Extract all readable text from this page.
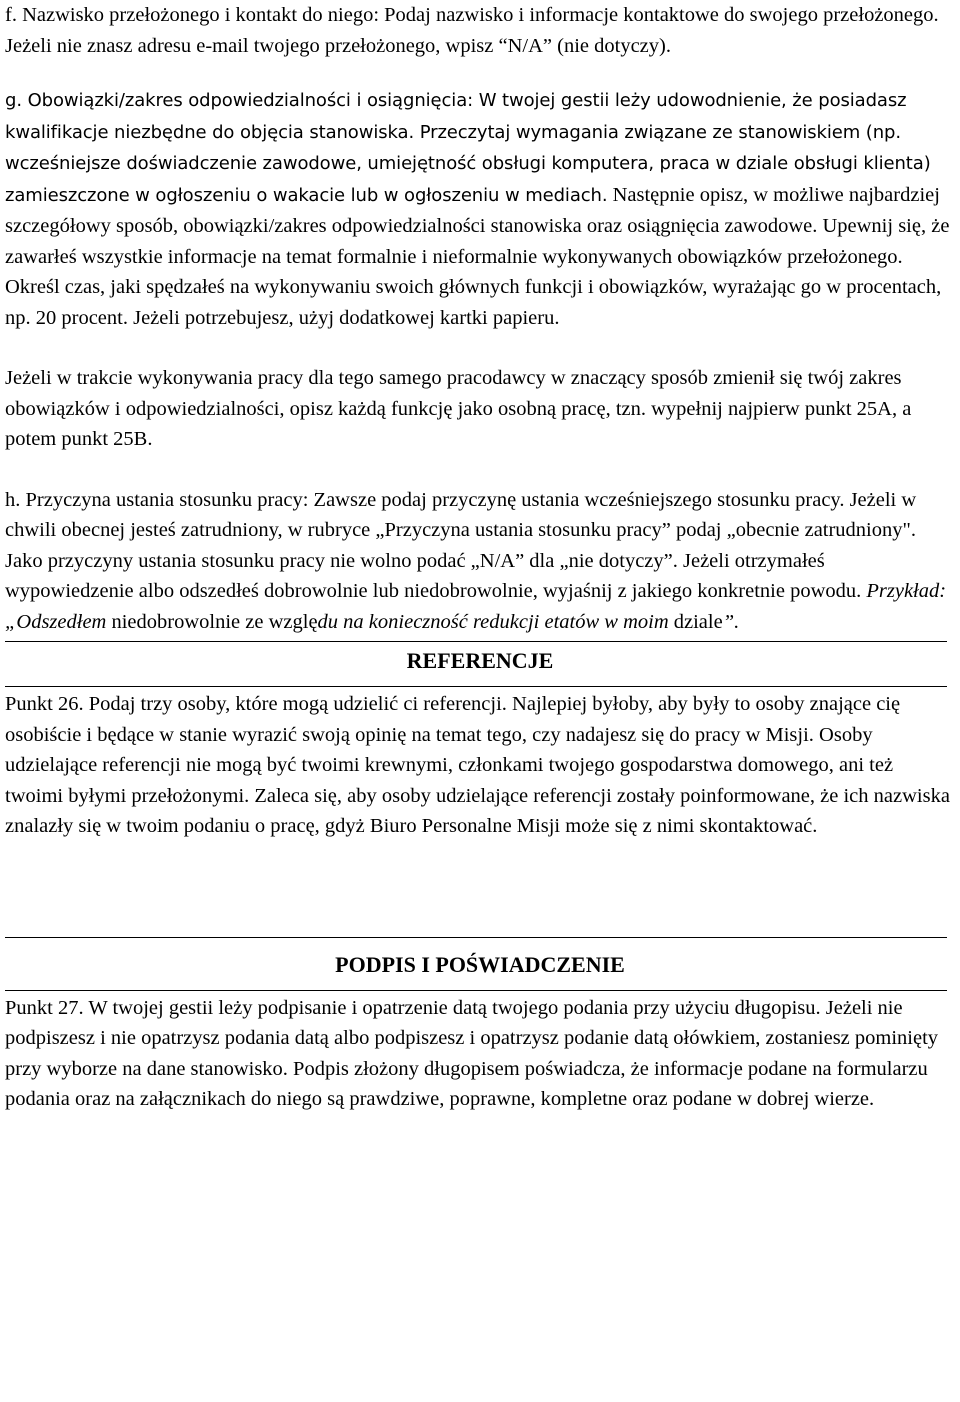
f. Nazwisko przełożonego i kontakt do niego: Podaj nazwisko i informacje kontaktowe do swojego przełożonego. Jeżeli nie znasz adresu e-mail twojego przełożonego, wpisz “N/A” (nie dotyczy).

g. Obowiązki/zakres odpowiedzialności i osiągnięcia: W twojej gestii leży udowodnienie, że posiadasz kwalifikacje niezbędne do objęcia stanowiska. Przeczytaj wymagania związane ze stanowiskiem (np. wcześniejsze doświadczenie zawodowe, umiejętność obsługi komputera, praca w dziale obsługi klienta) zamieszczone w ogłoszeniu o wakacie lub w ogłoszeniu w mediach. Następnie opisz, w możliwe najbardziej szczegółowy sposób, obowiązki/zakres odpowiedzialności stanowiska oraz osiągnięcia zawodowe. Upewnij się, że zawarłeś wszystkie informacje na temat formalnie i nieformalnie wykonywanych obowiązków przełożonego. Określ czas, jaki spędzałeś na wykonywaniu swoich głównych funkcji i obowiązków, wyrażając go w procentach, np. 20 procent. Jeżeli potrzebujesz, użyj dodatkowej kartki papieru.

Jeżeli w trakcie wykonywania pracy dla tego samego pracodawcy w znaczący sposób zmienił się twój zakres obowiązków i odpowiedzialności, opisz każdą funkcję jako osobną pracę, tzn. wypełnij najpierw punkt 25A, a potem punkt 25B.

h. Przyczyna ustania stosunku pracy: Zawsze podaj przyczynę ustania wcześniejszego stosunku pracy. Jeżeli w chwili obecnej jesteś zatrudniony, w rubryce „Przyczyna ustania stosunku pracy” podaj „obecnie zatrudniony". Jako przyczyny ustania stosunku pracy nie wolno podać „N/A” dla „nie dotyczy”. Jeżeli otrzymałeś wypowiedzenie albo odszedłeś dobrowolnie lub niedobrowolnie, wyjaśnij z jakiego konkretnie powodu. Przykład: „Odszedłem niedobrowolnie ze względu na konieczność redukcji etatów w moim dziale”.

REFERENCJE

Punkt 26. Podaj trzy osoby, które mogą udzielić ci referencji. Najlepiej byłoby, aby były to osoby znające cię osobiście i będące w stanie wyrazić swoją opinię na temat tego, czy nadajesz się do pracy w Misji. Osoby udzielające referencji nie mogą być twoimi krewnymi, członkami twojego gospodarstwa domowego, ani też twoimi byłymi przełożonymi. Zaleca się, aby osoby udzielające referencji zostały poinformowane, że ich nazwiska znalazły się w twoim podaniu o pracę, gdyż Biuro Personalne Misji może się z nimi skontaktować.

PODPIS I POŚWIADCZENIE

Punkt 27. W twojej gestii leży podpisanie i opatrzenie datą twojego podania przy użyciu długopisu. Jeżeli nie podpiszesz i nie opatrzysz podania datą albo podpiszesz i opatrzysz podanie datą ołówkiem, zostaniesz pominięty przy wyborze na dane stanowisko. Podpis złożony długopisem poświadcza, że informacje podane na formularzu podania oraz na załącznikach do niego są prawdziwe, poprawne, kompletne oraz podane w dobrej wierze.
